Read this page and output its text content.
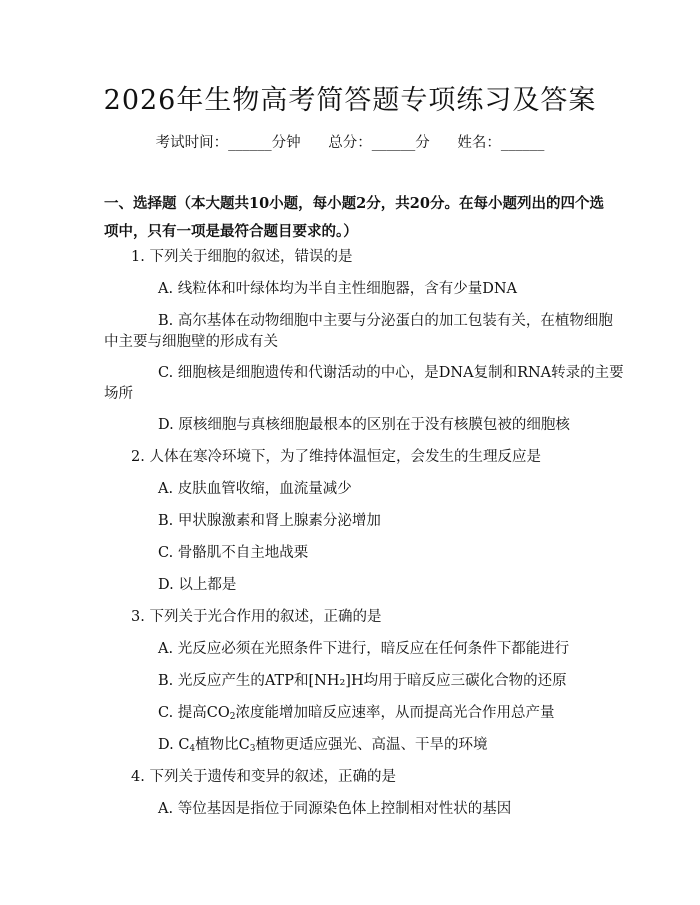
2026年生物高考简答题专项练习及答案
考试时间：______分钟 总分：______分 姓名：______
一、选择题（本大题共10小题，每小题2分，共20分。在每小题列出的四个选项中，只有一项是最符合题目要求的。）
1. 下列关于细胞的叙述，错误的是
A. 线粒体和叶绿体均为半自主性细胞器，含有少量DNA
B. 高尔基体在动物细胞中主要与分泌蛋白的加工包装有关，在植物细胞
中主要与细胞壁的形成有关
C. 细胞核是细胞遗传和代谢活动的中心，是DNA复制和RNA转录的主要
场所
D. 原核细胞与真核细胞最根本的区别在于没有核膜包被的细胞核
2. 人体在寒冷环境下，为了维持体温恒定，会发生的生理反应是
A. 皮肤血管收缩，血流量减少
B. 甲状腺激素和肾上腺素分泌增加
C. 骨骼肌不自主地战栗
D. 以上都是
3. 下列关于光合作用的叙述，正确的是
A. 光反应必须在光照条件下进行，暗反应在任何条件下都能进行
B. 光反应产生的ATP和[NH₂]H均用于暗反应三碳化合物的还原
C. 提高$CO_2$浓度能增加暗反应速率，从而提高光合作用总产量
D. $C_4$植物比$C_3$植物更适应强光、高温、干旱的环境
4. 下列关于遗传和变异的叙述，正确的是
A. 等位基因是指位于同源染色体上控制相对性状的基因
